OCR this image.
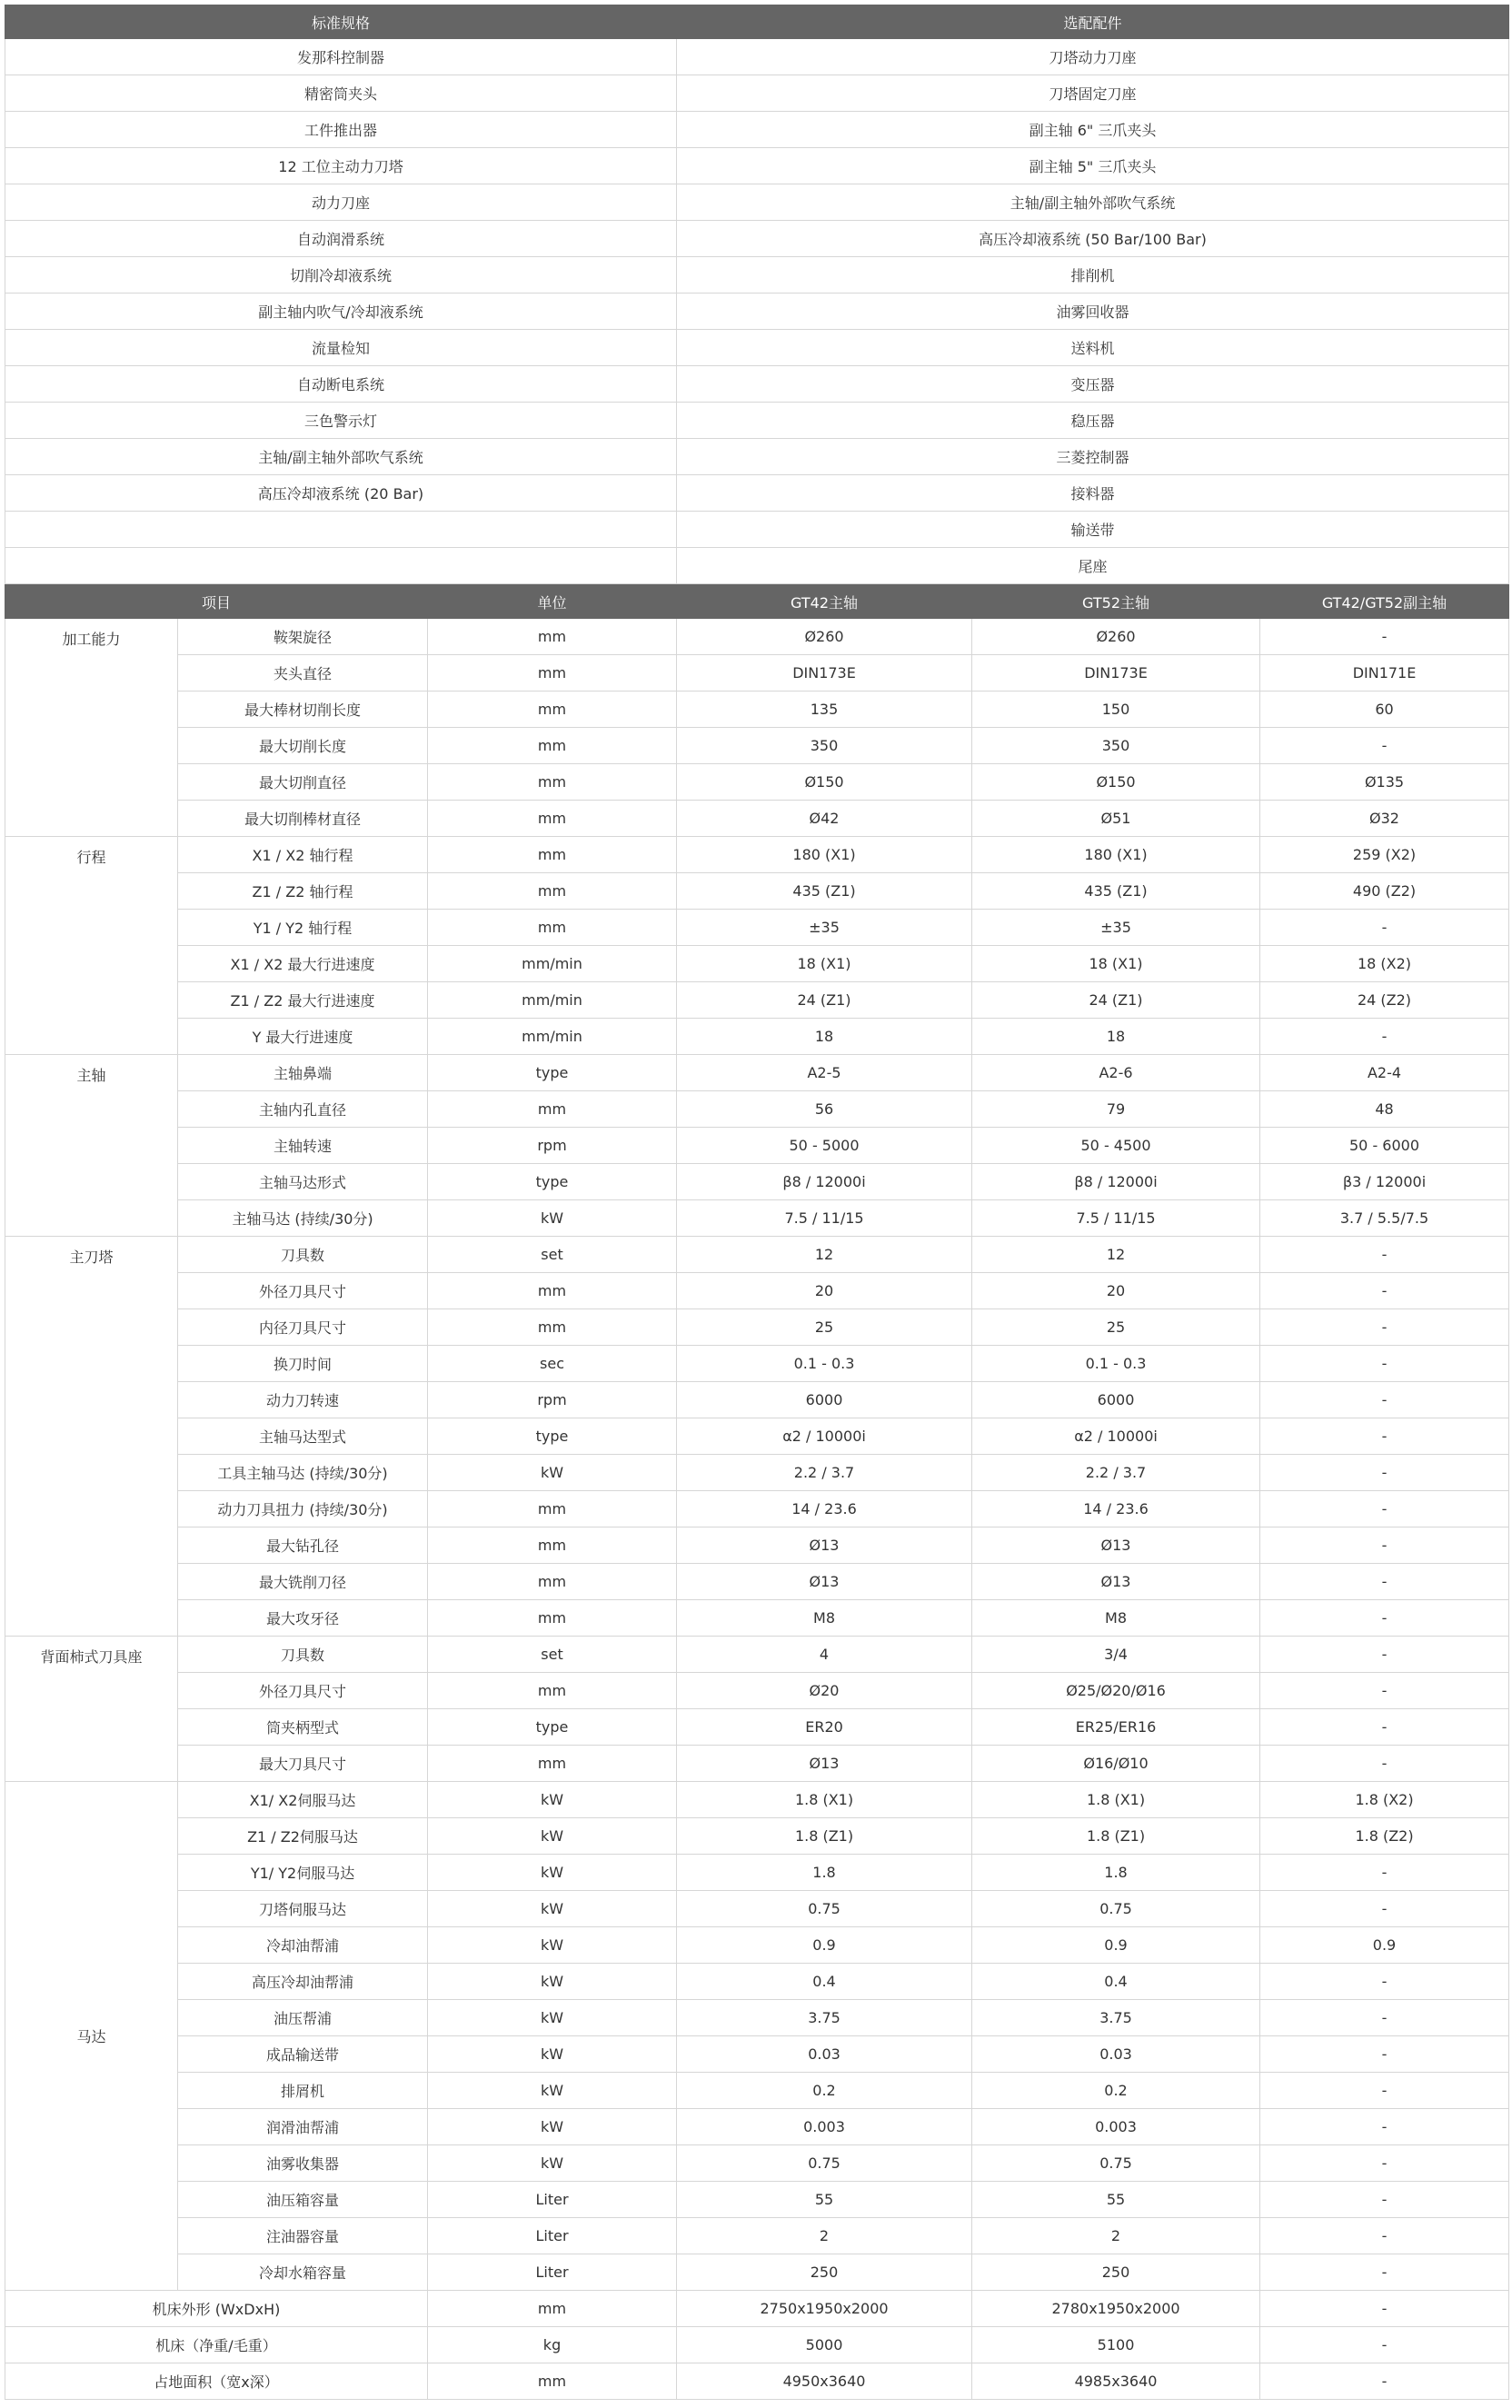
标准规格	选配配件
发那科控制器	刀塔动力刀座
精密筒夹头	刀塔固定刀座
工件推出器	副主轴 6" 三爪夹头
12 工位主动力刀塔	副主轴 5" 三爪夹头
动力刀座	主轴/副主轴外部吹气系统
自动润滑系统	高压冷却液系统 (50 Bar/100 Bar)
切削冷却液系统	排削机
副主轴内吹气/冷却液系统	油雾回收器
流量检知	送料机
自动断电系统	变压器
三色警示灯	稳压器
主轴/副主轴外部吹气系统	三菱控制器
高压冷却液系统 (20 Bar)	接料器
	输送带
	尾座
项目		单位	GT42主轴	GT52主轴	GT42/GT52副主轴
加工能力	鞍架旋径	mm	Ø260	Ø260	-
	夹头直径	mm	DIN173E	DIN173E	DIN171E
	最大棒材切削长度	mm	135	150	60
	最大切削长度	mm	350	350	-
	最大切削直径	mm	Ø150	Ø150	Ø135
	最大切削棒材直径	mm	Ø42	Ø51	Ø32
行程	X1 / X2 轴行程	mm	180 (X1)	180 (X1)	259 (X2)
	Z1 / Z2 轴行程	mm	435 (Z1)	435 (Z1)	490 (Z2)
	Y1 / Y2 轴行程	mm	±35	±35	-
	X1 / X2 最大行进速度	mm/min	18 (X1)	18 (X1)	18 (X2)
	Z1 / Z2 最大行进速度	mm/min	24 (Z1)	24 (Z1)	24 (Z2)
	Y 最大行进速度	mm/min	18	18	-
主轴	主轴鼻端	type	A2-5	A2-6	A2-4
	主轴内孔直径	mm	56	79	48
	主轴转速	rpm	50 - 5000	50 - 4500	50 - 6000
	主轴马达形式	type	β8 / 12000i	β8 / 12000i	β3 / 12000i
	主轴马达 (持续/30分)	kW	7.5 / 11/15	7.5 / 11/15	3.7 / 5.5/7.5
主刀塔	刀具数	set	12	12	-
	外径刀具尺寸	mm	20	20	-
	内径刀具尺寸	mm	25	25	-
	换刀时间	sec	0.1 - 0.3	0.1 - 0.3	-
	动力刀转速	rpm	6000	6000	-
	主轴马达型式	type	α2 / 10000i	α2 / 10000i	-
	工具主轴马达 (持续/30分)	kW	2.2 / 3.7	2.2 / 3.7	-
	动力刀具扭力 (持续/30分)	mm	14 / 23.6	14 / 23.6	-
	最大钻孔径	mm	Ø13	Ø13	-
	最大铣削刀径	mm	Ø13	Ø13	-
	最大攻牙径	mm	M8	M8	-
背面柿式刀具座	刀具数	set	4	3/4	-
	外径刀具尺寸	mm	Ø20	Ø25/Ø20/Ø16	-
	筒夹柄型式	type	ER20	ER25/ER16	-
	最大刀具尺寸	mm	Ø13	Ø16/Ø10	-
马达	X1/ X2伺服马达	kW	1.8 (X1)	1.8 (X1)	1.8 (X2)
	Z1 / Z2伺服马达	kW	1.8 (Z1)	1.8 (Z1)	1.8 (Z2)
	Y1/ Y2伺服马达	kW	1.8	1.8	-
	刀塔伺服马达	kW	0.75	0.75	-
	冷却油帮浦	kW	0.9	0.9	0.9
	高压冷却油帮浦	kW	0.4	0.4	-
	油压帮浦	kW	3.75	3.75	-
	成品输送带	kW	0.03	0.03	-
	排屑机	kW	0.2	0.2	-
	润滑油帮浦	kW	0.003	0.003	-
	油雾收集器	kW	0.75	0.75	-
	油压箱容量	Liter	55	55	-
	注油器容量	Liter	2	2	-
	冷却水箱容量	Liter	250	250	-
机床外形 (WxDxH)		mm	2750x1950x2000	2780x1950x2000	-
机床（净重/毛重）		kg	5000	5100	-
占地面积（宽x深）		mm	4950x3640	4985x3640	-
